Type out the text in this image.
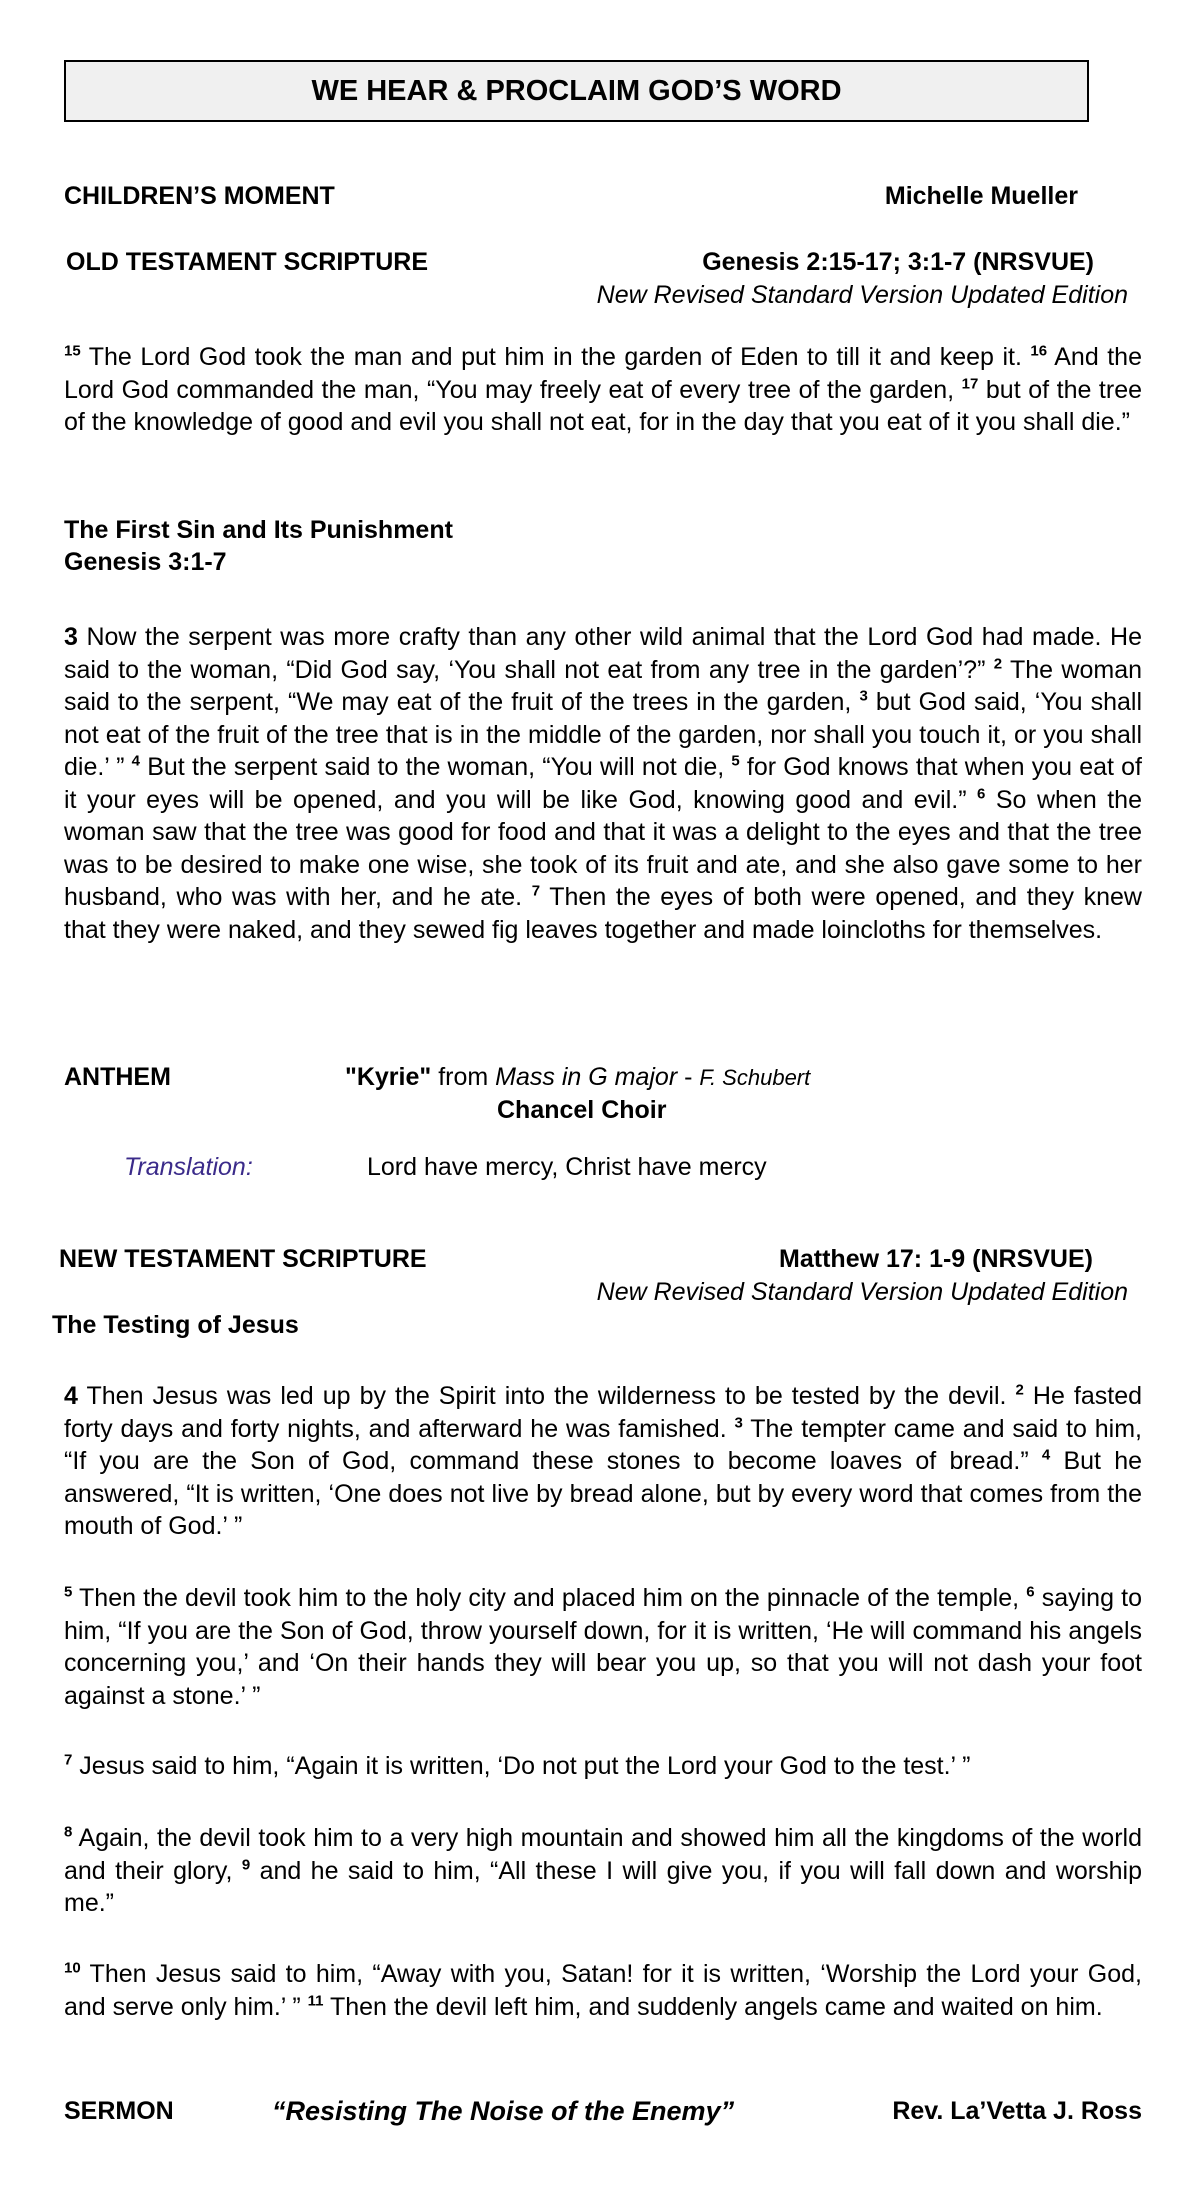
WE HEAR & PROCLAIM GOD’S WORD
CHILDREN’S MOMENT	Michelle Mueller
OLD TESTAMENT SCRIPTURE	Genesis 2:15-17; 3:1-7 (NRSVUE)
New Revised Standard Version Updated Edition
$^{15}$ The Lord God took the man and put him in the garden of Eden to till it and keep it. $^{16}$ And the Lord God commanded the man, “You may freely eat of every tree of the garden, $^{17}$ but of the tree of the knowledge of good and evil you shall not eat, for in the day that you eat of it you shall die.”
The First Sin and Its Punishment
Genesis 3:1-7
3 Now the serpent was more crafty than any other wild animal that the Lord God had made. He said to the woman, “Did God say, ‘You shall not eat from any tree in the garden’?” $^2$ The woman said to the serpent, “We may eat of the fruit of the trees in the garden, $^3$ but God said, ‘You shall not eat of the fruit of the tree that is in the middle of the garden, nor shall you touch it, or you shall die.’ ” $^4$ But the serpent said to the woman, “You will not die, $^5$ for God knows that when you eat of it your eyes will be opened, and you will be like God, knowing good and evil.” $^6$ So when the woman saw that the tree was good for food and that it was a delight to the eyes and that the tree was to be desired to make one wise, she took of its fruit and ate, and she also gave some to her husband, who was with her, and he ate. $^7$ Then the eyes of both were opened, and they knew that they were naked, and they sewed fig leaves together and made loincloths for themselves.
ANTHEM	"Kyrie" from Mass in G major - F. Schubert
Chancel Choir
Translation:	Lord have mercy, Christ have mercy
NEW TESTAMENT SCRIPTURE	Matthew 17: 1-9 (NRSVUE)
New Revised Standard Version Updated Edition
The Testing of Jesus
4 Then Jesus was led up by the Spirit into the wilderness to be tested by the devil. $^2$ He fasted forty days and forty nights, and afterward he was famished. $^3$ The tempter came and said to him, “If you are the Son of God, command these stones to become loaves of bread.” $^4$ But he answered, “It is written, ‘One does not live by bread alone, but by every word that comes from the mouth of God.’ ”
$^5$ Then the devil took him to the holy city and placed him on the pinnacle of the temple, $^6$ saying to him, “If you are the Son of God, throw yourself down, for it is written, ‘He will command his angels concerning you,’ and ‘On their hands they will bear you up, so that you will not dash your foot against a stone.’ ”
$^7$ Jesus said to him, “Again it is written, ‘Do not put the Lord your God to the test.’ ”
$^8$ Again, the devil took him to a very high mountain and showed him all the kingdoms of the world and their glory, $^9$ and he said to him, “All these I will give you, if you will fall down and worship me.”
$^{10}$ Then Jesus said to him, “Away with you, Satan! for it is written, ‘Worship the Lord your God, and serve only him.’ ” $^{11}$ Then the devil left him, and suddenly angels came and waited on him.
SERMON	“Resisting The Noise of the Enemy”	Rev. La’Vetta J. Ross
